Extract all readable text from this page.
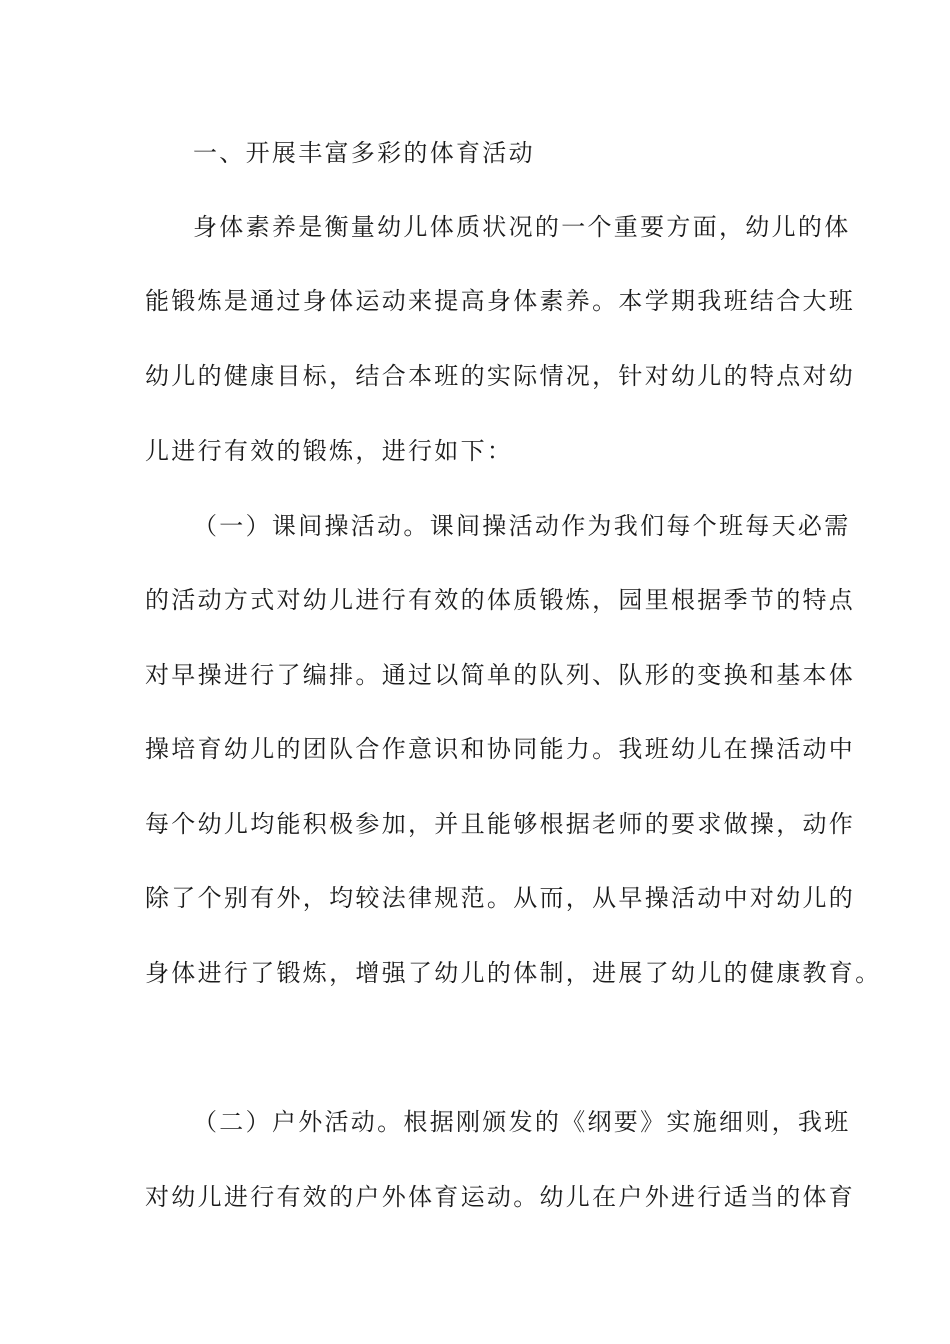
一、开展丰富多彩的体育活动
身体素养是衡量幼儿体质状况的一个重要方面，幼儿的体
能锻炼是通过身体运动来提高身体素养。本学期我班结合大班
幼儿的健康目标，结合本班的实际情况，针对幼儿的特点对幼
儿进行有效的锻炼，进行如下：
（一）课间操活动。课间操活动作为我们每个班每天必需
的活动方式对幼儿进行有效的体质锻炼，园里根据季节的特点
对早操进行了编排。通过以简单的队列、队形的变换和基本体
操培育幼儿的团队合作意识和协同能力。我班幼儿在操活动中
每个幼儿均能积极参加，并且能够根据老师的要求做操，动作
除了个别有外，均较法律规范。从而，从早操活动中对幼儿的
身体进行了锻炼，增强了幼儿的体制，进展了幼儿的健康教育。
（二）户外活动。根据刚颁发的《纲要》实施细则，我班
对幼儿进行有效的户外体育运动。幼儿在户外进行适当的体育
